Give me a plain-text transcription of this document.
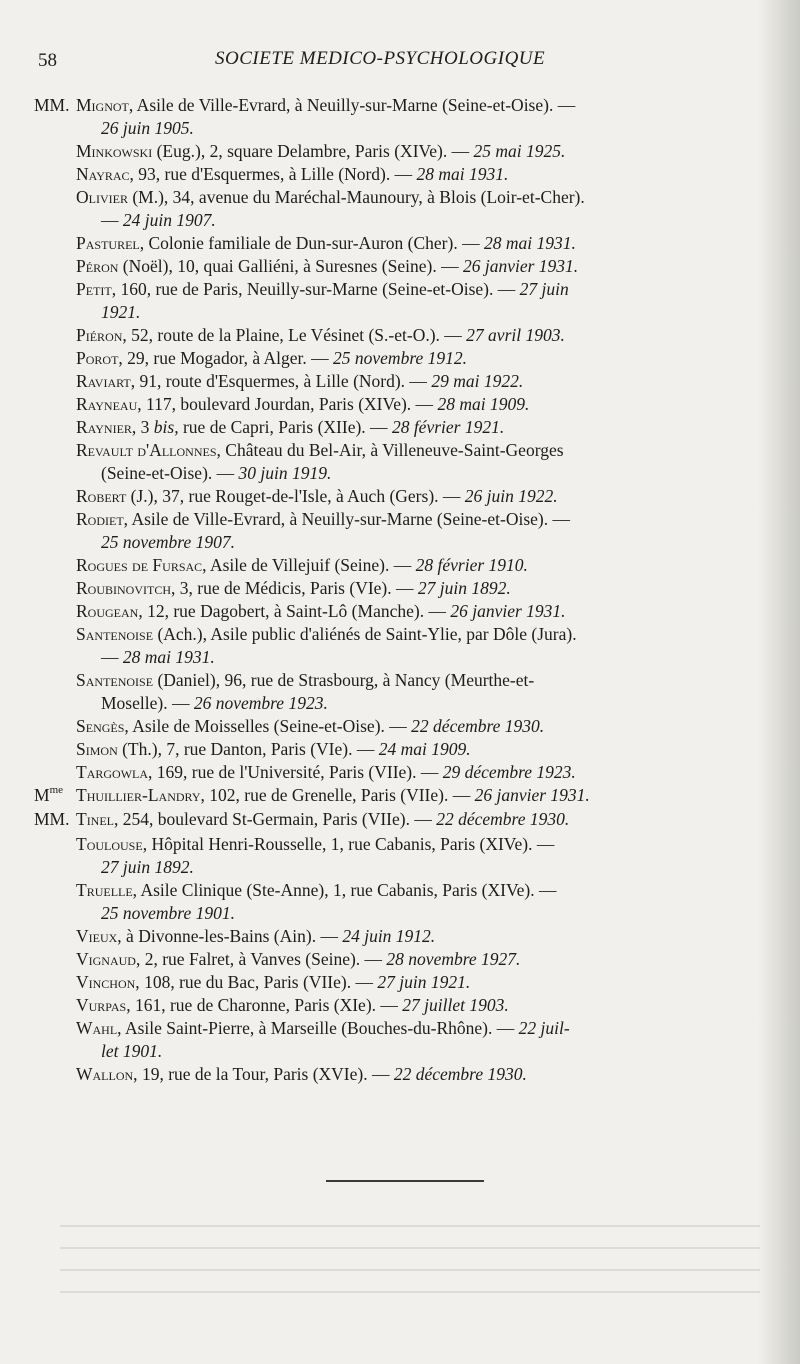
58	SOCIETE MEDICO-PSYCHOLOGIQUE
MM. Mignot, Asile de Ville-Evrard, à Neuilly-sur-Marne (Seine-et-Oise). —
26 juin 1905.
Minkowski (Eug.), 2, square Delambre, Paris (XIVe). — 25 mai 1925.
Nayrac, 93, rue d'Esquermes, à Lille (Nord). — 28 mai 1931.
Olivier (M.), 34, avenue du Maréchal-Maunoury, à Blois (Loir-et-Cher).
— 24 juin 1907.
Pasturel, Colonie familiale de Dun-sur-Auron (Cher). — 28 mai 1931.
Péron (Noël), 10, quai Galliéni, à Suresnes (Seine). — 26 janvier 1931.
Petit, 160, rue de Paris, Neuilly-sur-Marne (Seine-et-Oise). — 27 juin
1921.
Piéron, 52, route de la Plaine, Le Vésinet (S.-et-O.). — 27 avril 1903.
Porot, 29, rue Mogador, à Alger. — 25 novembre 1912.
Raviart, 91, route d'Esquermes, à Lille (Nord). — 29 mai 1922.
Rayneau, 117, boulevard Jourdan, Paris (XIVe). — 28 mai 1909.
Raynier, 3 bis, rue de Capri, Paris (XIIe). — 28 février 1921.
Revault d'Allonnes, Château du Bel-Air, à Villeneuve-Saint-Georges
(Seine-et-Oise). — 30 juin 1919.
Robert (J.), 37, rue Rouget-de-l'Isle, à Auch (Gers). — 26 juin 1922.
Rodiet, Asile de Ville-Evrard, à Neuilly-sur-Marne (Seine-et-Oise). —
25 novembre 1907.
Rogues de Fursac, Asile de Villejuif (Seine). — 28 février 1910.
Roubinovitch, 3, rue de Médicis, Paris (VIe). — 27 juin 1892.
Rougean, 12, rue Dagobert, à Saint-Lô (Manche). — 26 janvier 1931.
Santenoise (Ach.), Asile public d'aliénés de Saint-Ylie, par Dôle (Jura).
— 28 mai 1931.
Santenoise (Daniel), 96, rue de Strasbourg, à Nancy (Meurthe-et-
Moselle). — 26 novembre 1923.
Sengès, Asile de Moisselles (Seine-et-Oise). — 22 décembre 1930.
Simon (Th.), 7, rue Danton, Paris (VIe). — 24 mai 1909.
Targowla, 169, rue de l'Université, Paris (VIIe). — 29 décembre 1923.
$M^{me}$ Thuillier-Landry, 102, rue de Grenelle, Paris (VIIe). — 26 janvier 1931.
MM. Tinel, 254, boulevard St-Germain, Paris (VIIe). — 22 décembre 1930.
Toulouse, Hôpital Henri-Rousselle, 1, rue Cabanis, Paris (XIVe). —
27 juin 1892.
Truelle, Asile Clinique (Ste-Anne), 1, rue Cabanis, Paris (XIVe). —
25 novembre 1901.
Vieux, à Divonne-les-Bains (Ain). — 24 juin 1912.
Vignaud, 2, rue Falret, à Vanves (Seine). — 28 novembre 1927.
Vinchon, 108, rue du Bac, Paris (VIIe). — 27 juin 1921.
Vurpas, 161, rue de Charonne, Paris (XIe). — 27 juillet 1903.
Wahl, Asile Saint-Pierre, à Marseille (Bouches-du-Rhône). — 22 juil-
let 1901.
Wallon, 19, rue de la Tour, Paris (XVIe). — 22 décembre 1930.
